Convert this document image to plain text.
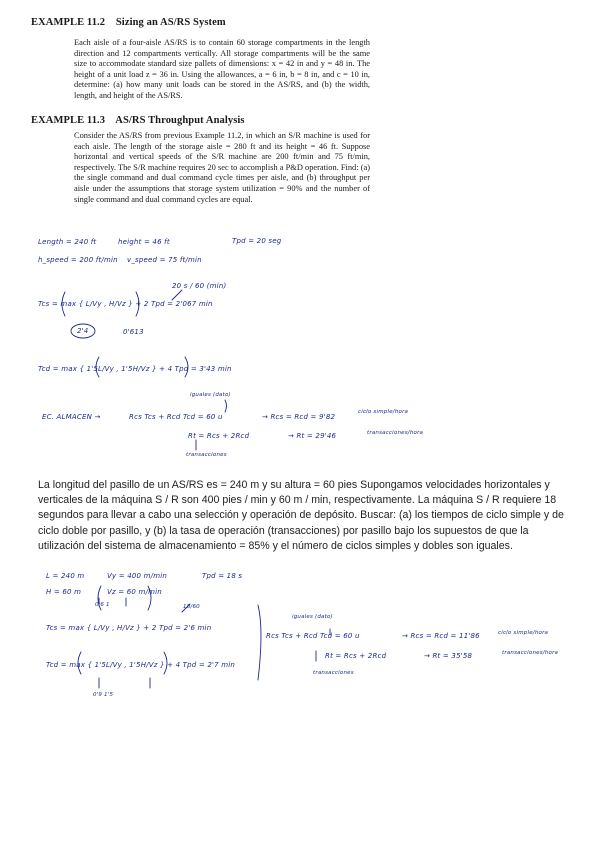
EXAMPLE 11.2 Sizing an AS/RS System
Each aisle of a four-aisle AS/RS is to contain 60 storage compartments in the length direction and 12 compartments vertically. All storage compartments will be the same size to accommodate standard size pallets of dimensions: x = 42 in and y = 48 in. The height of a unit load z = 36 in. Using the allowances, a = 6 in, b = 8 in, and c = 10 in, determine: (a) how many unit loads can be stored in the AS/RS, and (b) the width, length, and height of the AS/RS.
EXAMPLE 11.3 AS/RS Throughput Analysis
Consider the AS/RS from previous Example 11.2, in which an S/R machine is used for each aisle. The length of the storage aisle = 280 ft and its height = 46 ft. Suppose horizontal and vertical speeds of the S/R machine are 200 ft/min and 75 ft/min, respectively. The S/R machine requires 20 sec to accomplish a P&D operation. Find: (a) the single command and dual command cycle times per aisle, and (b) throughput per aisle under the assumptions that storage system utilization = 90% and the number of single command and dual command cycles are equal.
Length = 240 ft	height = 46 ft	Tpd = 20 seg
h_speed = 200 ft/min v_speed = 75 ft/min
20 s / 60 (min)
Tcs = max { L/Vy , H/Vz } + 2 Tpd = 2'067 min
2'4	0'613
Tcd = max { 1'5L/Vy , 1'5H/Vz } + 4 Tpd = 3'43 min
iguales (dato)
EC. ALMACEN →	Rcs Tcs + Rcd Tcd = 60 u	→ Rcs = Rcd = 9'82
ciclo simple/hora
Rt = Rcs + 2Rcd	→ Rt = 29'46	transacciones/hora
transacciones
La longitud del pasillo de un AS/RS es = 240 m y su altura = 60 pies Supongamos velocidades horizontales y verticales de la máquina S / R son 400 pies / min y 60 m / min, respectivamente. La máquina S / R requiere 18 segundos para llevar a cabo una selección y operación de depósito. Buscar: (a) los tiempos de ciclo simple y de ciclo doble por pasillo, y (b) la tasa de operación (transacciones) por pasillo bajo los supuestos de que la utilización del sistema de almacenamiento = 85% y el número de ciclos simples y dobles son iguales.
L = 240 m	Vy = 400 m/min	Tpd = 18 s
H = 60 m	Vz = 60 m/min
0'6 1	18/60
Tcs = max { L/Vy , H/Vz } + 2 Tpd = 2'6 min
Tcd = max { 1'5L/Vy , 1'5H/Vz } + 4 Tpd = 2'7 min
0'9 1'5
iguales (dato)
Rcs Tcs + Rcd Tcd = 60 u	→ Rcs = Rcd = 11'86	ciclo simple/hora
Rt = Rcs + 2Rcd	→ Rt = 35'58	transacciones/hora
transacciones
